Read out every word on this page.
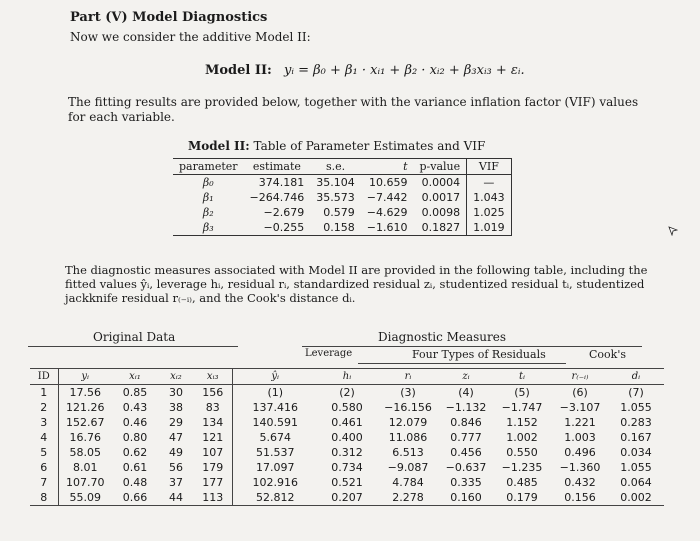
Part (V) Model Diagnostics
Now we consider the additive Model II:
Model II: yᵢ = β₀ + β₁ · xᵢ₁ + β₂ · xᵢ₂ + β₃xᵢ₃ + εᵢ.
The fitting results are provided below, together with the variance inflation factor (VIF) values for each variable.
Model II: Table of Parameter Estimates and VIF
parameter	estimate	s.e.	t	p-value	VIF
β₀	374.181	35.104	10.659	0.0004	—
β₁	−264.746	35.573	−7.442	0.0017	1.043
β₂	−2.679	0.579	−4.629	0.0098	1.025
β₃	−0.255	0.158	−1.610	0.1827	1.019
The diagnostic measures associated with Model II are provided in the following table, including the fitted values ŷᵢ, leverage hᵢ, residual rᵢ, standardized residual zᵢ, studentized residual tᵢ, studentized jackknife residual r₍₋ᵢ₎, and the Cook's distance dᵢ.
Original Data	Diagnostic Measures
Leverage	Four Types of Residuals	Cook's
ID	yᵢ	xᵢ₁	xᵢ₂	xᵢ₃	ŷᵢ	hᵢ	rᵢ	zᵢ	tᵢ	r₍₋ᵢ₎	dᵢ
1	17.56	0.85	30	156	(1)	(2)	(3)	(4)	(5)	(6)	(7)
2	121.26	0.43	38	83	137.416	0.580	−16.156	−1.132	−1.747	−3.107	1.055
3	152.67	0.46	29	134	140.591	0.461	12.079	0.846	1.152	1.221	0.283
4	16.76	0.80	47	121	5.674	0.400	11.086	0.777	1.002	1.003	0.167
5	58.05	0.62	49	107	51.537	0.312	6.513	0.456	0.550	0.496	0.034
6	8.01	0.61	56	179	17.097	0.734	−9.087	−0.637	−1.235	−1.360	1.055
7	107.70	0.48	37	177	102.916	0.521	4.784	0.335	0.485	0.432	0.064
8	55.09	0.66	44	113	52.812	0.207	2.278	0.160	0.179	0.156	0.002
